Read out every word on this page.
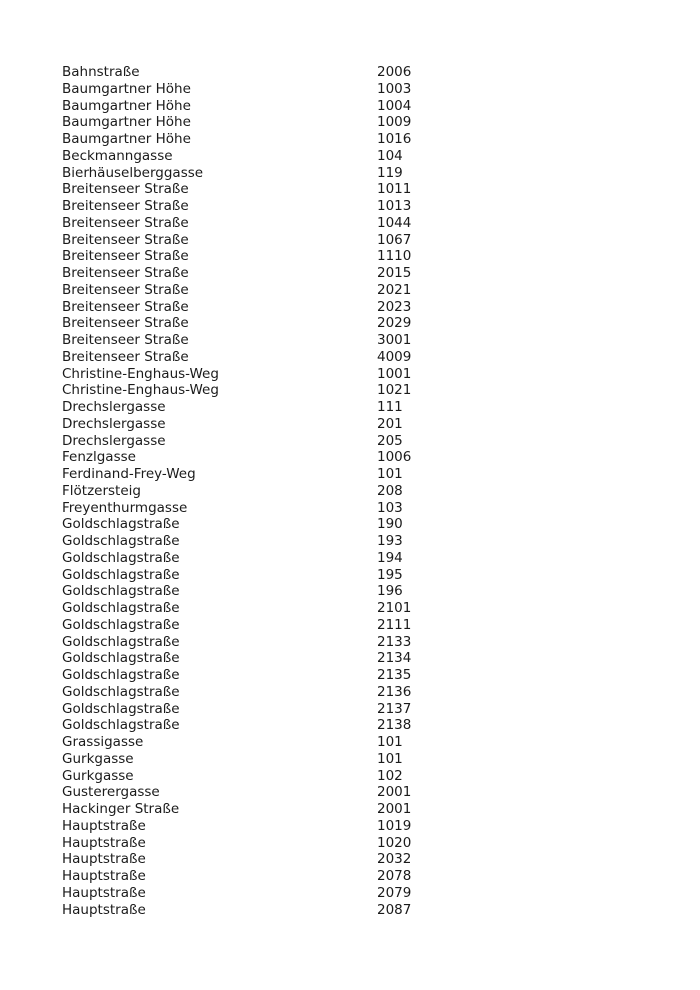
Bahnstraße	2006
Baumgartner Höhe	1003
Baumgartner Höhe	1004
Baumgartner Höhe	1009
Baumgartner Höhe	1016
Beckmanngasse	104
Bierhäuselberggasse	119
Breitenseer Straße	1011
Breitenseer Straße	1013
Breitenseer Straße	1044
Breitenseer Straße	1067
Breitenseer Straße	1110
Breitenseer Straße	2015
Breitenseer Straße	2021
Breitenseer Straße	2023
Breitenseer Straße	2029
Breitenseer Straße	3001
Breitenseer Straße	4009
Christine-Enghaus-Weg	1001
Christine-Enghaus-Weg	1021
Drechslergasse	111
Drechslergasse	201
Drechslergasse	205
Fenzlgasse	1006
Ferdinand-Frey-Weg	101
Flötzersteig	208
Freyenthurmgasse	103
Goldschlagstraße	190
Goldschlagstraße	193
Goldschlagstraße	194
Goldschlagstraße	195
Goldschlagstraße	196
Goldschlagstraße	2101
Goldschlagstraße	2111
Goldschlagstraße	2133
Goldschlagstraße	2134
Goldschlagstraße	2135
Goldschlagstraße	2136
Goldschlagstraße	2137
Goldschlagstraße	2138
Grassigasse	101
Gurkgasse	101
Gurkgasse	102
Gusterergasse	2001
Hackinger Straße	2001
Hauptstraße	1019
Hauptstraße	1020
Hauptstraße	2032
Hauptstraße	2078
Hauptstraße	2079
Hauptstraße	2087
